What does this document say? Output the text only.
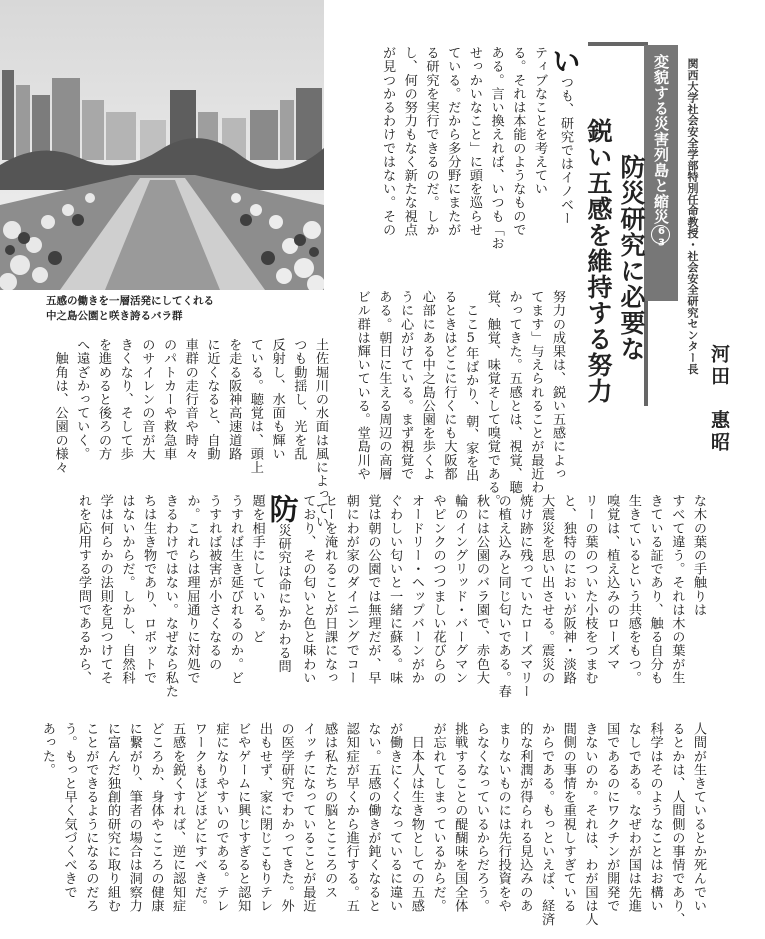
五感の働きを一層活発にしてくれる
中之島公園と咲き誇るバラ群
変貌する災害列島と縮災63
防災研究に必要な
鋭い五感を維持する努力	関西大学社会安全学部特別任命教授・社会安全研究センター長
河田　惠昭

いつも、研究ではイノベー

ティブなことを考えてい

る。それは本能のようなもので

ある。言い換えれば、いつも「お

せっかいなこと」に頭を巡らせ

ている。だから多分野にまたが

る研究を実行できるのだ。しか

し、何の努力もなく新たな視点

が見つかるわけではない。その

努力の成果は、鋭い五感によっ

てます」与えられることが最近わ

かってきた。五感とは、視覚、聴

覚、触覚、味覚そして嗅覚である。

　ここ5年ばかり、朝、家を出

るときはどこに行くにも大阪都

心部にある中之島公園を歩くよ

うに心がけている。まず視覚で

ある。朝日に生える周辺の高層

ビル群は輝いている。堂島川や

土佐堀川の水面は風によってい

つも動揺し、光を乱

反射し、水面も輝い

ている。聴覚は、頭上

を走る阪神高速道路

に近くなると、自動

車群の走行音や時々

のパトカーや救急車

のサイレンの音が大

きくなり、そして歩

を進めると後ろの方

へ遠ざかっていく。

　触角は、公園の様々

な木の葉の手触りは

すべて違う。それは木の葉が生

きている証であり、触る自分も

生きているという共感をもつ。

嗅覚は、植え込みのローズマ

リーの葉のついた小枝をつまむ

と、独特のにおいが阪神・淡路

大震災を思い出させる。震災の

焼け跡に残っていたローズマリー

の植え込みと同じ匂いである。春

秋には公園のバラ園で、赤色大

輪のイングリッド・バーグマン

やピンクのつつましい花びらの

オードリー・ヘップバーンがか

ぐわしい匂いと一緒に蘇る。味

覚は朝の公園では無理だが、早

朝にわが家のダイニングでコー

ヒーを淹れることが日課になっ

ており、その匂いと色と味わい

防災研究は命にかかわる問

題を相手にしている。ど

うすれば生き延びれるのか。ど

うすれば被害が小さくなるの

か。これらは理屈通りに対処で

きるわけではない。なぜなら私た

ちは生き物であり、ロボットで

はないからだ。しかし、自然科

学は何らかの法則を見つけてそ

れを応用する学問であるから、

人間が生きているとか死んでい

るとかは、人間側の事情であり、

科学はそのようなことはお構い

なしである。なぜわが国は先進

国であるのにワクチンが開発で

きないのか。それは、わが国は人

間側の事情を重視しすぎている

からである。もっといえば、経済

的な利潤が得られる見込みのあ

まりないものには先行投資をや

らなくなっているからだろう。

挑戦することの醍醐味を国全体

が忘れてしまっているからだ。

　日本人は生き物としての五感

が働きにくくなっているに違い

ない。五感の働きが鈍くなると

認知症が早くから進行する。五

感は私たちの脳とこころのス

イッチになっていることが最近

の医学研究でわかってきた。外

出もせず、家に閉じこもりテレ

ビやゲームに興じすぎると認知

症になりやすいのである。テレ

ワークもほどほどにすべきだ。

五感を鋭くすれば、逆に認知症

どころか、身体やこころの健康

に繋がり、筆者の場合は洞察力

に富んだ独創的研究に取り組む

ことができるようになるのだろ

う。もっと早く気づくべきで

あった。
